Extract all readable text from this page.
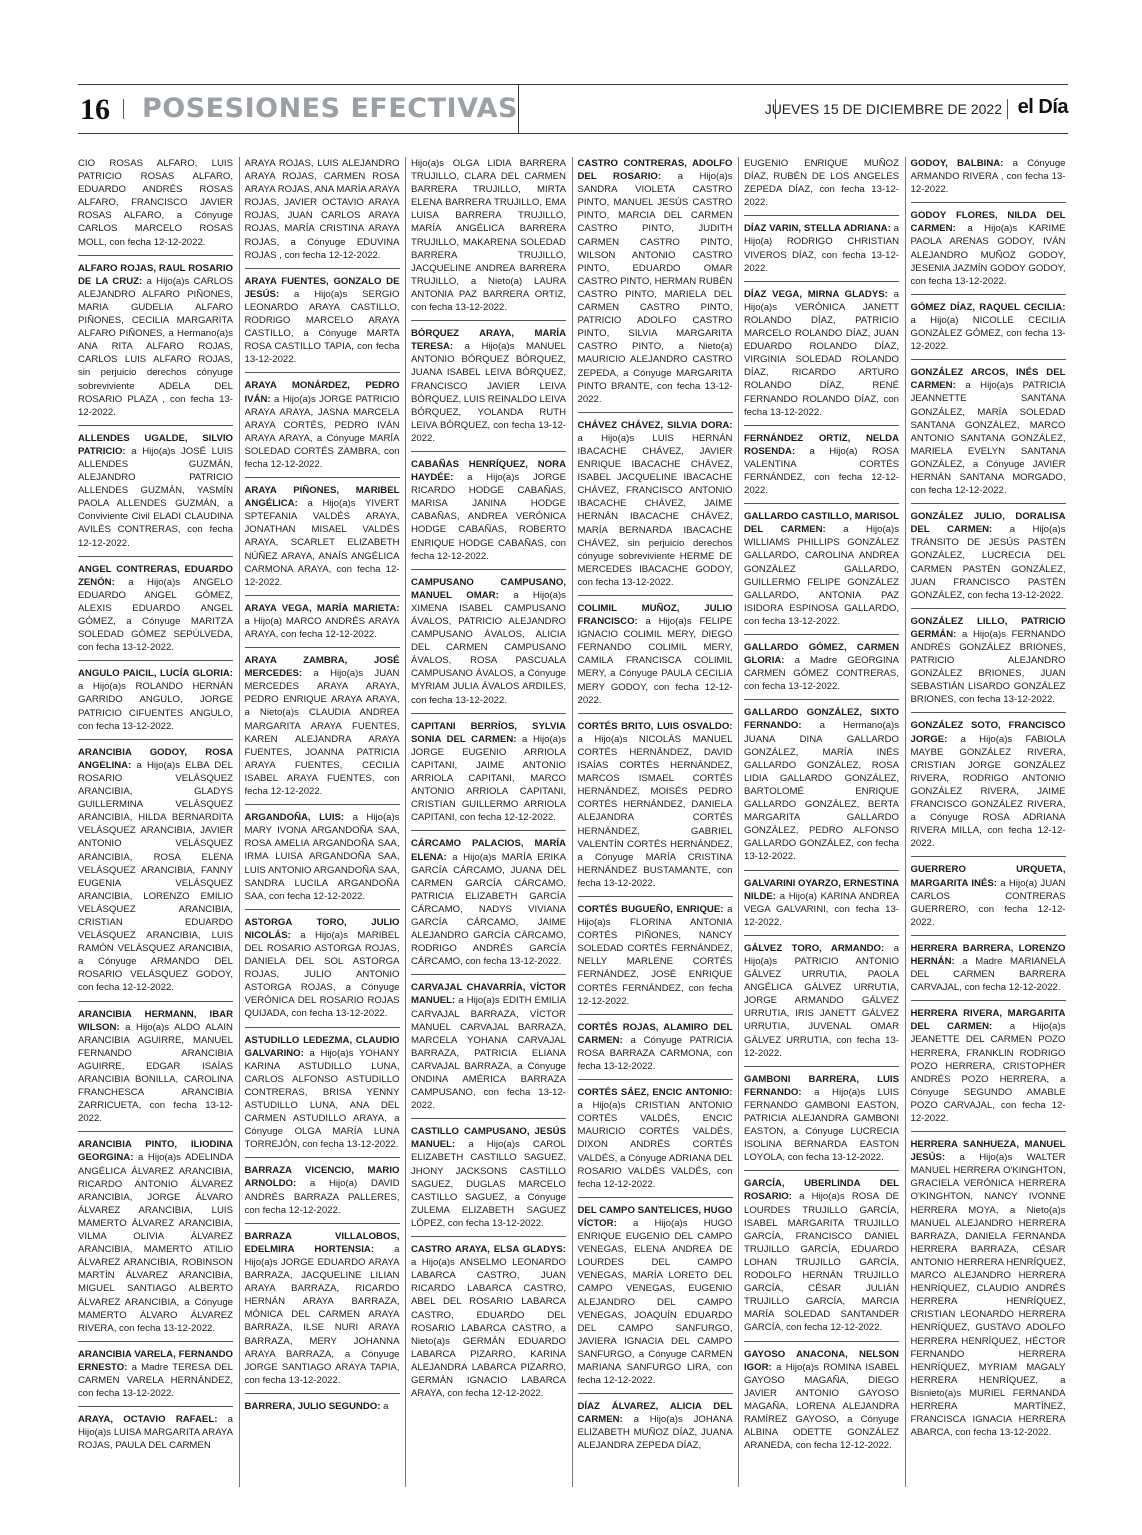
16 POSESIONES EFECTIVAS	JUEVES 15 DE DICIEMBRE DE 2022 el Día
CIO ROSAS ALFARO, LUIS PATRICIO ROSAS ALFARO, EDUARDO ANDRÉS ROSAS ALFARO, FRANCISCO JAVIER ROSAS ALFARO, a Cónyuge CARLOS MARCELO ROSAS MOLL, con fecha 12-12-2022.
ALFARO ROJAS, RAUL ROSARIO DE LA CRUZ: a Hijo(a)s CARLOS ALEJANDRO ALFARO PIÑONES, MARIA GUDELIA ALFARO PIÑONES, CECILIA MARGARITA ALFARO PIÑONES, a Hermano(a)s ANA RITA ALFARO ROJAS, CARLOS LUIS ALFARO ROJAS, sin perjuicio derechos cónyuge sobreviviente ADELA DEL ROSARIO PLAZA , con fecha 13-12-2022.
ALLENDES UGALDE, SILVIO PATRICIO: a Hijo(a)s JOSÉ LUIS ALLENDES GUZMÁN, ALEJANDRO PATRICIO ALLENDES GUZMÁN, YASMÍN PAOLA ALLENDES GUZMÁN, a Conviviente Civil ELADI CLAUDINA AVILÉS CONTRERAS, con fecha 12-12-2022.
ANGEL CONTRERAS, EDUARDO ZENÓN: a Hijo(a)s ANGELO EDUARDO ANGEL GÓMEZ, ALEXIS EDUARDO ANGEL GÓMEZ, a Cónyuge MARITZA SOLEDAD GÓMEZ SEPÚLVEDA, con fecha 13-12-2022.
ANGULO PAICIL, LUCÍA GLORIA: a Hijo(a)s ROLANDO HERNÁN GARRIDO ANGULO, JORGE PATRICIO CIFUENTES ANGULO, con fecha 13-12-2022.
ARANCIBIA GODOY, ROSA ANGELINA: a Hijo(a)s ELBA DEL ROSARIO VELÁSQUEZ ARANCIBIA, GLADYS GUILLERMINA VELÁSQUEZ ARANCIBIA, HILDA BERNARDITA VELÁSQUEZ ARANCIBIA, JAVIER ANTONIO VELÁSQUEZ ARANCIBIA, ROSA ELENA VELÁSQUEZ ARANCIBIA, FANNY EUGENIA VELÁSQUEZ ARANCIBIA, LORENZO EMILIO VELÁSQUEZ ARANCIBIA, CRISTIAN EDUARDO VELÁSQUEZ ARANCIBIA, LUIS RAMÓN VELÁSQUEZ ARANCIBIA, a Cónyuge ARMANDO DEL ROSARIO VELÁSQUEZ GODOY, con fecha 12-12-2022.
ARANCIBIA HERMANN, IBAR WILSON: a Hijo(a)s ALDO ALAIN ARANCIBIA AGUIRRE, MANUEL FERNANDO ARANCIBIA AGUIRRE, EDGAR ISAÍAS ARANCIBIA BONILLA, CAROLINA FRANCHESCA ARANCIBIA ZARRICUETA, con fecha 13-12-2022.
ARANCIBIA PINTO, ILIODINA GEORGINA: a Hijo(a)s ADELINDA ANGÉLICA ÁLVAREZ ARANCIBIA, RICARDO ANTONIO ÁLVAREZ ARANCIBIA, JORGE ÁLVARO ÁLVAREZ ARANCIBIA, LUIS MAMERTO ÁLVAREZ ARANCIBIA, VILMA OLIVIA ÁLVAREZ ARANCIBIA, MAMERTO ATILIO ÁLVAREZ ARANCIBIA, ROBINSON MARTÍN ÁLVAREZ ARANCIBIA, MIGUEL SANTIAGO ALBERTO ÁLVAREZ ARANCIBIA, a Cónyuge MAMERTO ÁLVARO ÁLVAREZ RIVERA, con fecha 13-12-2022.
ARANCIBIA VARELA, FERNANDO ERNESTO: a Madre TERESA DEL CARMEN VARELA HERNÁNDEZ, con fecha 13-12-2022.
ARAYA, OCTAVIO RAFAEL: a Hijo(a)s LUISA MARGARITA ARAYA ROJAS, PAULA DEL CARMEN
ARAYA ROJAS, LUIS ALEJANDRO ARAYA ROJAS, CARMEN ROSA ARAYA ROJAS, ANA MARÍA ARAYA ROJAS, JAVIER OCTAVIO ARAYA ROJAS, JUAN CARLOS ARAYA ROJAS, MARÍA CRISTINA ARAYA ROJAS, a Cónyuge EDUVINA ROJAS , con fecha 12-12-2022.
ARAYA FUENTES, GONZALO DE JESÚS: a Hijo(a)s SERGIO LEONARDO ARAYA CASTILLO, RODRIGO MARCELO ARAYA CASTILLO, a Cónyuge MARTA ROSA CASTILLO TAPIA, con fecha 13-12-2022.
ARAYA MONÁRDEZ, PEDRO IVÁN: a Hijo(a)s JORGE PATRICIO ARAYA ARAYA, JASNA MARCELA ARAYA CORTÉS, PEDRO IVÁN ARAYA ARAYA, a Cónyuge MARÍA SOLEDAD CORTÉS ZAMBRA, con fecha 12-12-2022.
ARAYA PIÑONES, MARIBEL ANGÉLICA: a Hijo(a)s YIVERT SPTEFANIA VALDÉS ARAYA, JONATHAN MISAEL VALDÉS ARAYA, SCARLET ELIZABETH NÚÑEZ ARAYA, ANAÍS ANGÉLICA CARMONA ARAYA, con fecha 12-12-2022.
ARAYA VEGA, MARÍA MARIETA: a Hijo(a) MARCO ANDRÉS ARAYA ARAYA, con fecha 12-12-2022.
ARAYA ZAMBRA, JOSÉ MERCEDES: a Hijo(a)s JUAN MERCEDES ARAYA ARAYA, PEDRO ENRIQUE ARAYA ARAYA, a Nieto(a)s CLAUDIA ANDREA MARGARITA ARAYA FUENTES, KAREN ALEJANDRA ARAYA FUENTES, JOANNA PATRICIA ARAYA FUENTES, CECILIA ISABEL ARAYA FUENTES, con fecha 12-12-2022.
ARGANDOÑA, LUIS: a Hijo(a)s MARY IVONA ARGANDOÑA SAA, ROSA AMELIA ARGANDOÑA SAA, IRMA LUISA ARGANDOÑA SAA, LUIS ANTONIO ARGANDOÑA SAA, SANDRA LUCILA ARGANDOÑA SAA, con fecha 12-12-2022.
ASTORGA TORO, JULIO NICOLÁS: a Hijo(a)s MARIBEL DEL ROSARIO ASTORGA ROJAS, DANIELA DEL SOL ASTORGA ROJAS, JULIO ANTONIO ASTORGA ROJAS, a Cónyuge VERÓNICA DEL ROSARIO ROJAS QUIJADA, con fecha 13-12-2022.
ASTUDILLO LEDEZMA, CLAUDIO GALVARINO: a Hijo(a)s YOHANY KARINA ASTUDILLO LUNA, CARLOS ALFONSO ASTUDILLO CONTRERAS, BRISA YENNY ASTUDILLO LUNA, ANA DEL CARMEN ASTUDILLO ARAYA, a Cónyuge OLGA MARÍA LUNA TORREJÓN, con fecha 13-12-2022.
BARRAZA VICENCIO, MARIO ARNOLDO: a Hijo(a) DAVID ANDRÉS BARRAZA PALLERES, con fecha 12-12-2022.
BARRAZA VILLALOBOS, EDELMIRA HORTENSIA: a Hijo(a)s JORGE EDUARDO ARAYA BARRAZA, JACQUELINE LILIAN ARAYA BARRAZA, RICARDO HERNÁN ARAYA BARRAZA, MÓNICA DEL CARMEN ARAYA BARRAZA, ILSE NURI ARAYA BARRAZA, MERY JOHANNA ARAYA BARRAZA, a Cónyuge JORGE SANTIAGO ARAYA TAPIA, con fecha 13-12-2022.
BARRERA, JULIO SEGUNDO: a
Hijo(a)s OLGA LIDIA BARRERA TRUJILLO, CLARA DEL CARMEN BARRERA TRUJILLO, MIRTA ELENA BARRERA TRUJILLO, EMA LUISA BARRERA TRUJILLO, MARÍA ANGÉLICA BARRERA TRUJILLO, MAKARENA SOLEDAD BARRERA TRUJILLO, JACQUELINE ANDREA BARRERA TRUJILLO, a Nieto(a) LAURA ANTONIA PAZ BARRERA ORTIZ, con fecha 13-12-2022.
BÓRQUEZ ARAYA, MARÍA TERESA: a Hijo(a)s MANUEL ANTONIO BÓRQUEZ BÓRQUEZ, JUANA ISABEL LEIVA BÓRQUEZ, FRANCISCO JAVIER LEIVA BÓRQUEZ, LUIS REINALDO LEIVA BÓRQUEZ, YOLANDA RUTH LEIVA BÓRQUEZ, con fecha 13-12-2022.
CABAÑAS HENRÍQUEZ, NORA HAYDÉE: a Hijo(a)s JORGE RICARDO HODGE CABAÑAS, MARISA JANINA HODGE CABAÑAS, ANDREA VERÓNICA HODGE CABAÑAS, ROBERTO ENRIQUE HODGE CABAÑAS, con fecha 12-12-2022.
CAMPUSANO CAMPUSANO, MANUEL OMAR: a Hijo(a)s XIMENA ISABEL CAMPUSANO ÁVALOS, PATRICIO ALEJANDRO CAMPUSANO ÁVALOS, ALICIA DEL CARMEN CAMPUSANO ÁVALOS, ROSA PASCUALA CAMPUSANO ÁVALOS, a Cónyuge MYRIAM JULIA ÁVALOS ARDILES, con fecha 13-12-2022.
CAPITANI BERRÍOS, SYLVIA SONIA DEL CARMEN: a Hijo(a)s JORGE EUGENIO ARRIOLA CAPITANI, JAIME ANTONIO ARRIOLA CAPITANI, MARCO ANTONIO ARRIOLA CAPITANI, CRISTIAN GUILLERMO ARRIOLA CAPITANI, con fecha 12-12-2022.
CÁRCAMO PALACIOS, MARÍA ELENA: a Hijo(a)s MARÍA ERIKA GARCÍA CÁRCAMO, JUANA DEL CARMEN GARCÍA CÁRCAMO, PATRICIA ELIZABETH GARCÍA CÁRCAMO, NADYS VIVIANA GARCÍA CÁRCAMO, JAIME ALEJANDRO GARCÍA CÁRCAMO, RODRIGO ANDRÉS GARCÍA CÁRCAMO, con fecha 13-12-2022.
CARVAJAL CHAVARRÍA, VÍCTOR MANUEL: a Hijo(a)s EDITH EMILIA CARVAJAL BARRAZA, VÍCTOR MANUEL CARVAJAL BARRAZA, MARCELA YOHANA CARVAJAL BARRAZA, PATRICIA ELIANA CARVAJAL BARRAZA, a Cónyuge ONDINA AMÉRICA BARRAZA CAMPUSANO, con fecha 13-12-2022.
CASTILLO CAMPUSANO, JESÚS MANUEL: a Hijo(a)s CAROL ELIZABETH CASTILLO SAGUEZ, JHONY JACKSONS CASTILLO SAGUEZ, DUGLAS MARCELO CASTILLO SAGUEZ, a Cónyuge ZULEMA ELIZABETH SAGUEZ LÓPEZ, con fecha 13-12-2022.
CASTRO ARAYA, ELSA GLADYS: a Hijo(a)s ANSELMO LEONARDO LABARCA CASTRO, JUAN RICARDO LABARCA CASTRO, ABEL DEL ROSARIO LABARCA CASTRO, EDUARDO DEL ROSARIO LABARCA CASTRO, a Nieto(a)s GERMÁN EDUARDO LABARCA PIZARRO, KARINA ALEJANDRA LABARCA PIZARRO, GERMÁN IGNACIO LABARCA ARAYA, con fecha 12-12-2022.
CASTRO CONTRERAS, ADOLFO DEL ROSARIO: a Hijo(a)s SANDRA VIOLETA CASTRO PINTO, MANUEL JESÚS CASTRO PINTO, MARCIA DEL CARMEN CASTRO PINTO, JUDITH CARMEN CASTRO PINTO, WILSON ANTONIO CASTRO PINTO, EDUARDO OMAR CASTRO PINTO, HERMAN RUBÉN CASTRO PINTO, MARIELA DEL CARMEN CASTRO PINTO, PATRICIO ADOLFO CASTRO PINTO, SILVIA MARGARITA CASTRO PINTO, a Nieto(a) MAURICIO ALEJANDRO CASTRO ZEPEDA, a Cónyuge MARGARITA PINTO BRANTE, con fecha 13-12-2022.
CHÁVEZ CHÁVEZ, SILVIA DORA: a Hijo(a)s LUIS HERNÁN IBACACHE CHÁVEZ, JAVIER ENRIQUE IBACACHE CHÁVEZ, ISABEL JACQUELINE IBACACHE CHÁVEZ, FRANCISCO ANTONIO IBACACHE CHÁVEZ, JAIME HERNÁN IBACACHE CHÁVEZ, MARÍA BERNARDA IBACACHE CHÁVEZ, sin perjuicio derechos cónyuge sobreviviente HERME DE MERCEDES IBACACHE GODOY, con fecha 13-12-2022.
COLIMIL MUÑOZ, JULIO FRANCISCO: a Hijo(a)s FELIPE IGNACIO COLIMIL MERY, DIEGO FERNANDO COLIMIL MERY, CAMILA FRANCISCA COLIMIL MERY, a Cónyuge PAULA CECILIA MERY GODOY, con fecha 12-12-2022.
CORTÉS BRITO, LUIS OSVALDO: a Hijo(a)s NICOLÁS MANUEL CORTÉS HERNÁNDEZ, DAVID ISAÍAS CORTÉS HERNÁNDEZ, MARCOS ISMAEL CORTÉS HERNÁNDEZ, MOISÉS PEDRO CORTÉS HERNÁNDEZ, DANIELA ALEJANDRA CORTÉS HERNÁNDEZ, GABRIEL VALENTÍN CORTÉS HERNÁNDEZ, a Cónyuge MARÍA CRISTINA HERNÁNDEZ BUSTAMANTE, con fecha 13-12-2022.
CORTÉS BUGUEÑO, ENRIQUE: a Hijo(a)s FLORINA ANTONIA CORTÉS PIÑONES, NANCY SOLEDAD CORTÉS FERNÁNDEZ, NELLY MARLENE CORTÉS FERNÁNDEZ, JOSÉ ENRIQUE CORTÉS FERNÁNDEZ, con fecha 12-12-2022.
CORTÉS ROJAS, ALAMIRO DEL CARMEN: a Cónyuge PATRICIA ROSA BARRAZA CARMONA, con fecha 13-12-2022.
CORTÉS SÁEZ, ENCIC ANTONIO: a Hijo(a)s CRISTIAN ANTONIO CORTÉS VALDÉS, ENCIC MAURICIO CORTÉS VALDÉS, DIXON ANDRÉS CORTÉS VALDÉS, a Cónyuge ADRIANA DEL ROSARIO VALDÉS VALDÉS, con fecha 12-12-2022.
DEL CAMPO SANTELICES, HUGO VÍCTOR: a Hijo(a)s HUGO ENRIQUE EUGENIO DEL CAMPO VENEGAS, ELENA ANDREA DE LOURDES DEL CAMPO VENEGAS, MARÍA LORETO DEL CAMPO VENEGAS, EUGENIO ALEJANDRO DEL CAMPO VENEGAS, JOAQUÍN EDUARDO DEL CAMPO SANFURGO, JAVIERA IGNACIA DEL CAMPO SANFURGO, a Cónyuge CARMEN MARIANA SANFURGO LIRA, con fecha 12-12-2022.
DÍAZ ÁLVAREZ, ALICIA DEL CARMEN: a Hijo(a)s JOHANA ELIZABETH MUÑOZ DÍAZ, JUANA ALEJANDRA ZEPEDA DÍAZ,
EUGENIO ENRIQUE MUÑOZ DÍAZ, RUBÉN DE LOS ANGELES ZEPEDA DÍAZ, con fecha 13-12-2022.
DÍAZ VARIN, STELLA ADRIANA: a Hijo(a) RODRIGO CHRISTIAN VIVEROS DÍAZ, con fecha 13-12-2022.
DÍAZ VEGA, MIRNA GLADYS: a Hijo(a)s VERÓNICA JANETT ROLANDO DÍAZ, PATRICIO MARCELO ROLANDO DÍAZ, JUAN EDUARDO ROLANDO DÍAZ, VIRGINIA SOLEDAD ROLANDO DÍAZ, RICARDO ARTURO ROLANDO DÍAZ, RENÉ FERNANDO ROLANDO DÍAZ, con fecha 13-12-2022.
FERNÁNDEZ ORTIZ, NELDA ROSENDA: a Hijo(a) ROSA VALENTINA CORTÉS FERNÁNDEZ, con fecha 12-12-2022.
GALLARDO CASTILLO, MARISOL DEL CARMEN: a Hijo(a)s WILLIAMS PHILLIPS GONZÁLEZ GALLARDO, CAROLINA ANDREA GONZÁLEZ GALLARDO, GUILLERMO FELIPE GONZÁLEZ GALLARDO, ANTONIA PAZ ISIDORA ESPINOSA GALLARDO, con fecha 13-12-2022.
GALLARDO GÓMEZ, CARMEN GLORIA: a Madre GEORGINA CARMEN GÓMEZ CONTRERAS, con fecha 13-12-2022.
GALLARDO GONZÁLEZ, SIXTO FERNANDO: a Hermano(a)s JUANA DINA GALLARDO GONZÁLEZ, MARÍA INÉS GALLARDO GONZÁLEZ, ROSA LIDIA GALLARDO GONZÁLEZ, BARTOLOMÉ ENRIQUE GALLARDO GONZÁLEZ, BERTA MARGARITA GALLARDO GONZÁLEZ, PEDRO ALFONSO GALLARDO GONZÁLEZ, con fecha 13-12-2022.
GALVARINI OYARZO, ERNESTINA NILDE: a Hijo(a) KARINA ANDREA VEGA GALVARINI, con fecha 13-12-2022.
GÁLVEZ TORO, ARMANDO: a Hijo(a)s PATRICIO ANTONIO GÁLVEZ URRUTIA, PAOLA ANGÉLICA GÁLVEZ URRUTIA, JORGE ARMANDO GÁLVEZ URRUTIA, IRIS JANETT GÁLVEZ URRUTIA, JUVENAL OMAR GÁLVEZ URRUTIA, con fecha 13-12-2022.
GAMBONI BARRERA, LUIS FERNANDO: a Hijo(a)s LUIS FERNANDO GAMBONI EASTON, PATRICIA ALEJANDRA GAMBONI EASTON, a Cónyuge LUCRECIA ISOLINA BERNARDA EASTON LOYOLA, con fecha 13-12-2022.
GARCÍA, UBERLINDA DEL ROSARIO: a Hijo(a)s ROSA DE LOURDES TRUJILLO GARCÍA, ISABEL MARGARITA TRUJILLO GARCÍA, FRANCISCO DANIEL TRUJILLO GARCÍA, EDUARDO LOHAN TRUJILLO GARCÍA, RODOLFO HERNÁN TRUJILLO GARCÍA, CÉSAR JULIÁN TRUJILLO GARCÍA, MARCIA MARÍA SOLEDAD SANTANDER GARCÍA, con fecha 12-12-2022.
GAYOSO ANACONA, NELSON IGOR: a Hijo(a)s ROMINA ISABEL GAYOSO MAGAÑA, DIEGO JAVIER ANTONIO GAYOSO MAGAÑA, LORENA ALEJANDRA RAMÍREZ GAYOSO, a Cónyuge ALBINA ODETTE GONZÁLEZ ARANEDA, con fecha 12-12-2022.
GODOY, BALBINA: a Cónyuge ARMANDO RIVERA , con fecha 13-12-2022.
GODOY FLORES, NILDA DEL CARMEN: a Hijo(a)s KARIME PAOLA ARENAS GODOY, IVÁN ALEJANDRO MUÑOZ GODOY, JESENIA JAZMÍN GODOY GODOY, con fecha 13-12-2022.
GÓMEZ DÍAZ, RAQUEL CECILIA: a Hijo(a) NICOLLE CECILIA GONZÁLEZ GÓMEZ, con fecha 13-12-2022.
GONZÁLEZ ARCOS, INÉS DEL CARMEN: a Hijo(a)s PATRICIA JEANNETTE SANTANA GONZÁLEZ, MARÍA SOLEDAD SANTANA GONZÁLEZ, MARCO ANTONIO SANTANA GONZÁLEZ, MARIELA EVELYN SANTANA GONZÁLEZ, a Cónyuge JAVIER HERNÁN SANTANA MORGADO, con fecha 12-12-2022.
GONZÁLEZ JULIO, DORALISA DEL CARMEN: a Hijo(a)s TRÁNSITO DE JESÚS PASTÉN GONZÁLEZ, LUCRECIA DEL CARMEN PASTÉN GONZÁLEZ, JUAN FRANCISCO PASTÉN GONZÁLEZ, con fecha 13-12-2022.
GONZÁLEZ LILLO, PATRICIO GERMÁN: a Hijo(a)s FERNANDO ANDRÉS GONZÁLEZ BRIONES, PATRICIO ALEJANDRO GONZÁLEZ BRIONES, JUAN SEBASTIÁN LISARDO GONZÁLEZ BRIONES, con fecha 13-12-2022.
GONZÁLEZ SOTO, FRANCISCO JORGE: a Hijo(a)s FABIOLA MAYBE GONZÁLEZ RIVERA, CRISTIAN JORGE GONZÁLEZ RIVERA, RODRIGO ANTONIO GONZÁLEZ RIVERA, JAIME FRANCISCO GONZÁLEZ RIVERA, a Cónyuge ROSA ADRIANA RIVERA MILLA, con fecha 12-12-2022.
GUERRERO URQUETA, MARGARITA INÉS: a Hijo(a) JUAN CARLOS CONTRERAS GUERRERO, con fecha 12-12-2022.
HERRERA BARRERA, LORENZO HERNÁN: a Madre MARIANELA DEL CARMEN BARRERA CARVAJAL, con fecha 12-12-2022.
HERRERA RIVERA, MARGARITA DEL CARMEN: a Hijo(a)s JEANETTE DEL CARMEN POZO HERRERA, FRANKLIN RODRIGO POZO HERRERA, CRISTOPHER ANDRÉS POZO HERRERA, a Cónyuge SEGUNDO AMABLE POZO CARVAJAL, con fecha 12-12-2022.
HERRERA SANHUEZA, MANUEL JESÚS: a Hijo(a)s WALTER MANUEL HERRERA O'KINGHTON, GRACIELA VERÓNICA HERRERA O'KINGHTON, NANCY IVONNE HERRERA MOYA, a Nieto(a)s MANUEL ALEJANDRO HERRERA BARRAZA, DANIELA FERNANDA HERRERA BARRAZA, CÉSAR ANTONIO HERRERA HENRÍQUEZ, MARCO ALEJANDRO HERRERA HENRÍQUEZ, CLAUDIO ANDRÉS HERRERA HENRÍQUEZ, CRISTIAN LEONARDO HERRERA HENRÍQUEZ, GUSTAVO ADOLFO HERRERA HENRÍQUEZ, HÉCTOR FERNANDO HERRERA HENRÍQUEZ, MYRIAM MAGALY HERRERA HENRÍQUEZ, a Bisnieto(a)s MURIEL FERNANDA HERRERA MARTÍNEZ, FRANCISCA IGNACIA HERRERA ABARCA, con fecha 13-12-2022.
